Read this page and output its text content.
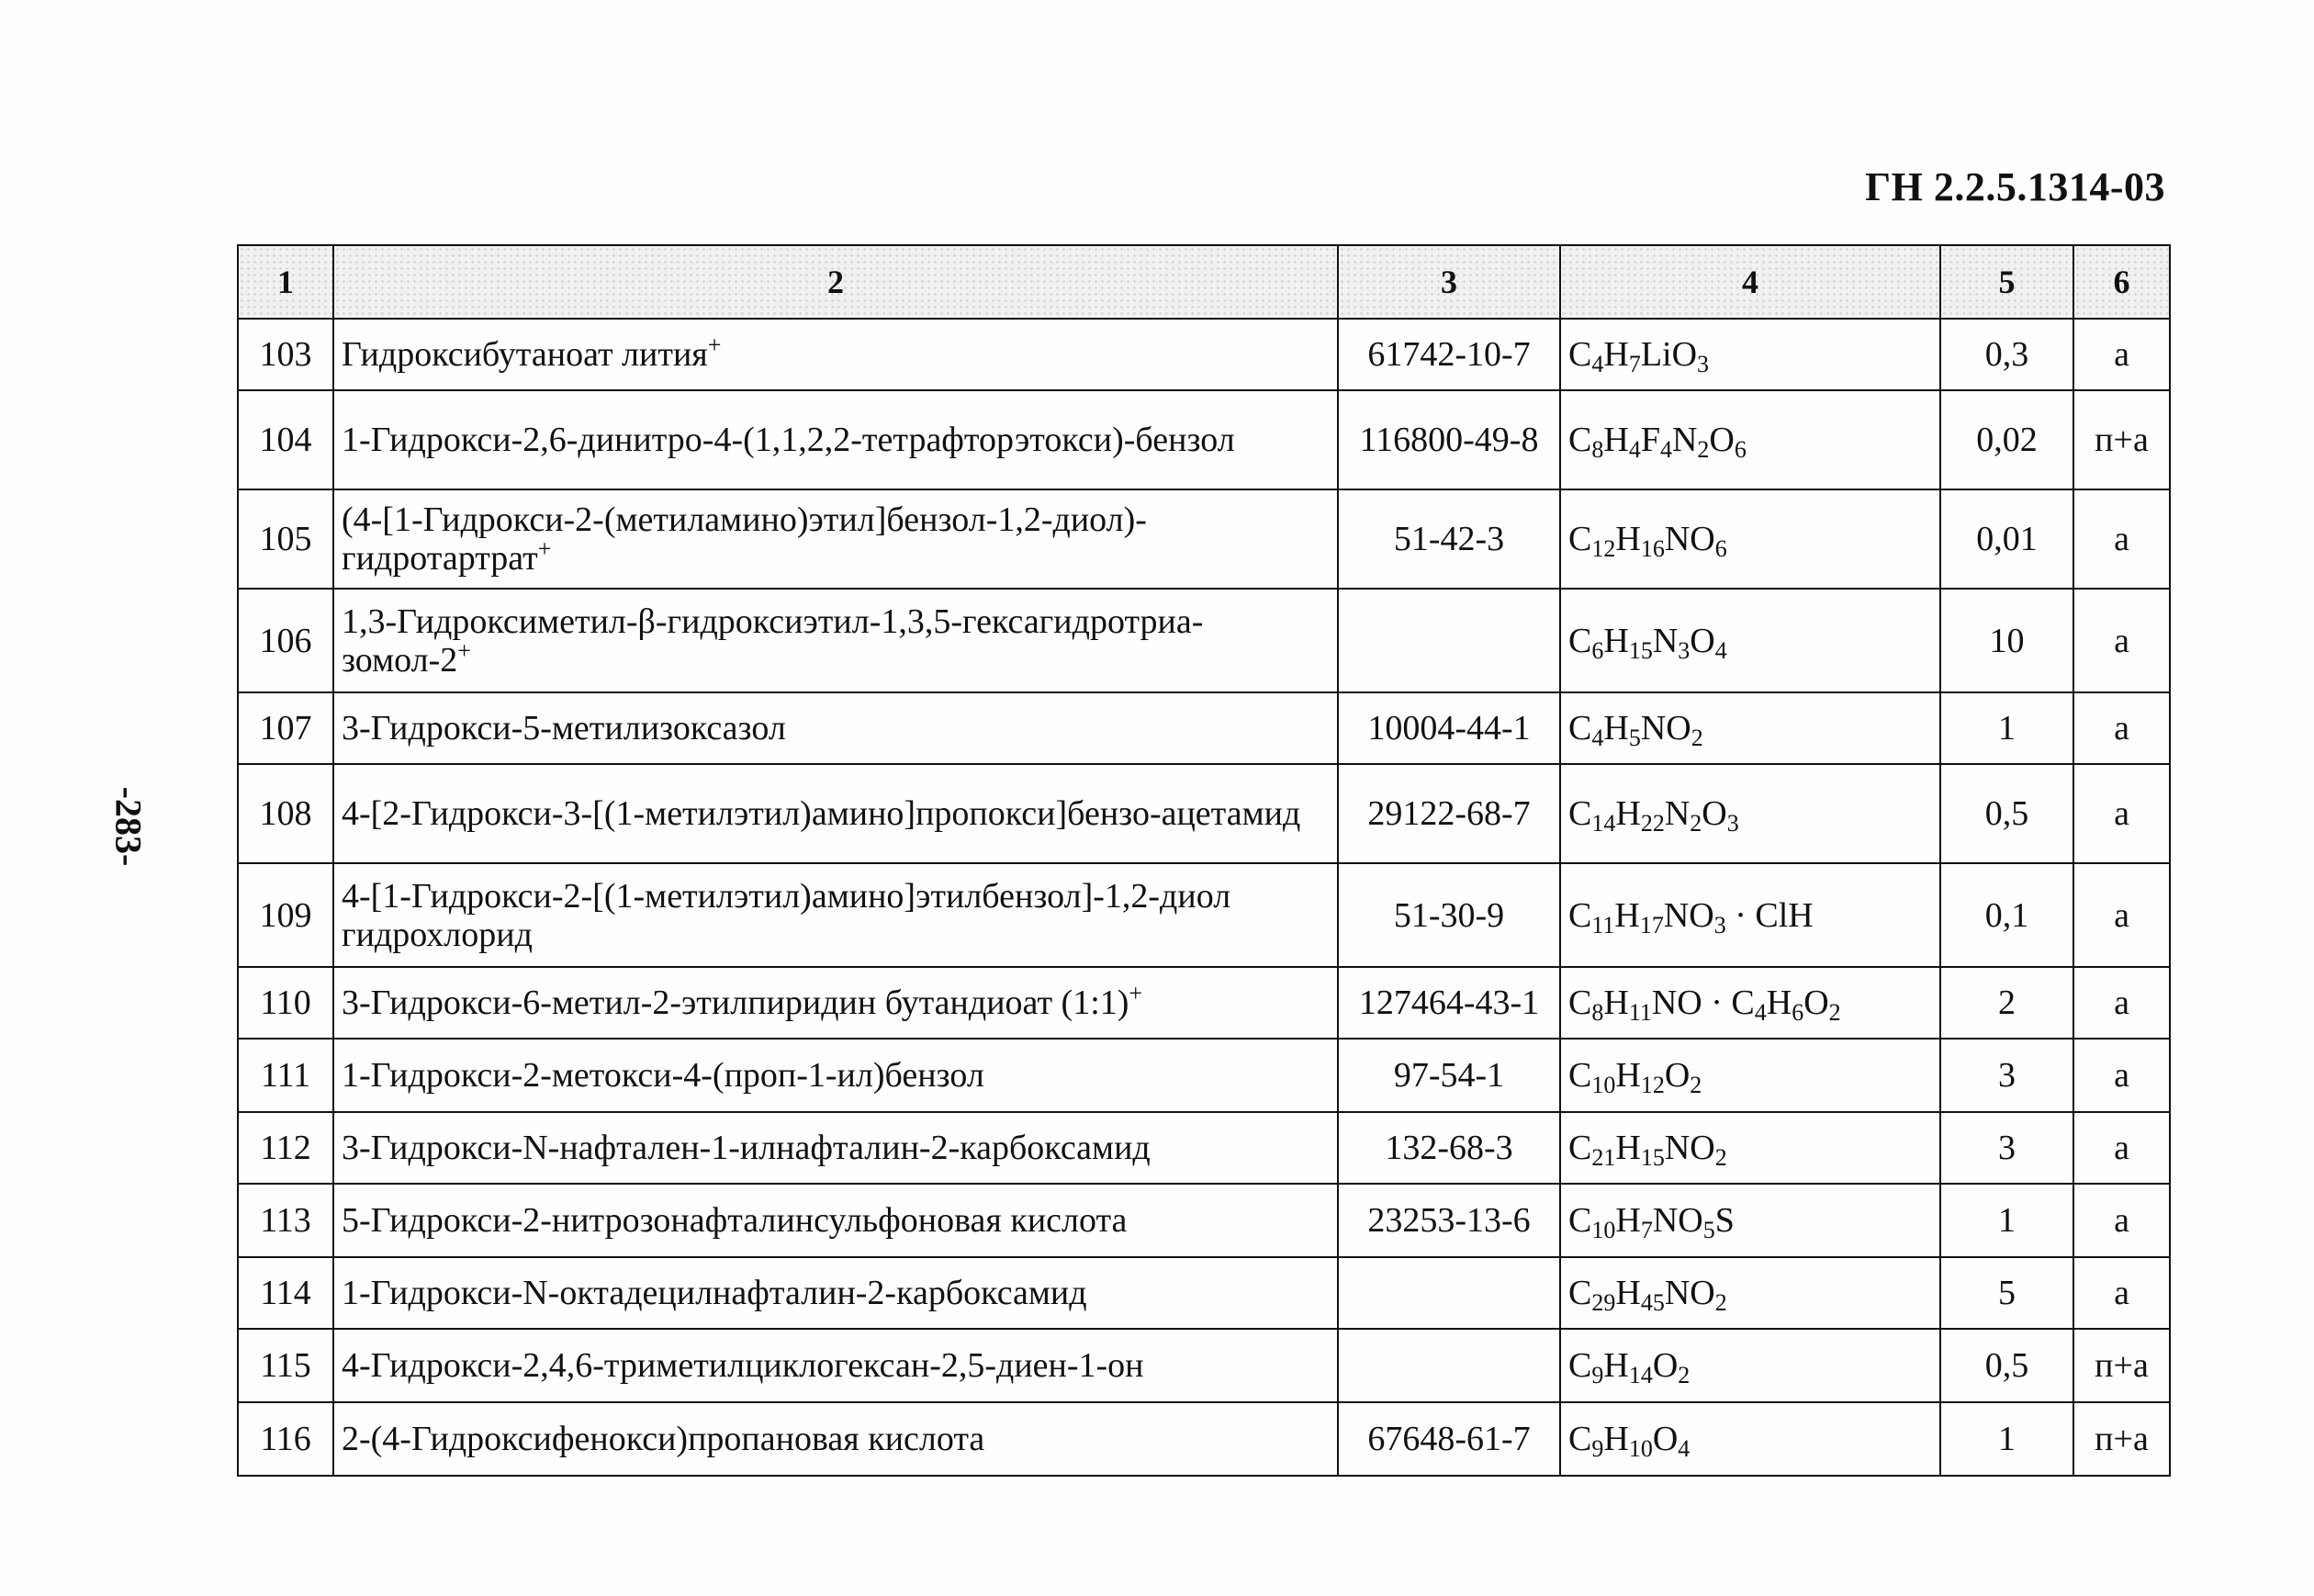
ГН 2.2.5.1314-03
-283-
1	2	3	4	5	6
103	Гидроксибутаноат лития+	61742-10-7	$C_4H_7LiO_3$	0,3	а
104	1-Гидрокси-2,6-динитро-4-(1,1,2,2-тетрафторэтокси)-бензол	116800-49-8	$C_8H_4F_4N_2O_6$	0,02	п+а
105	(4-[1-Гидрокси-2-(метиламино)этил]бензол-1,2-диол)-гидротартрат+	51-42-3	$C_{12}H_{16}NO_6$	0,01	а
106	1,3-Гидроксиметил-β-гидроксиэтил-1,3,5-гексагидротриа-зомол-2+		$C_6H_{15}N_3O_4$	10	а
107	3-Гидрокси-5-метилизоксазол	10004-44-1	$C_4H_5NO_2$	1	а
108	4-[2-Гидрокси-3-[(1-метилэтил)амино]пропокси]бензо-ацетамид	29122-68-7	$C_{14}H_{22}N_2O_3$	0,5	а
109	4-[1-Гидрокси-2-[(1-метилэтил)амино]этилбензол]-1,2-диол гидрохлорид	51-30-9	$C_{11}H_{17}NO_3$ · ClH	0,1	а
110	3-Гидрокси-6-метил-2-этилпиридин бутандиоат (1:1)+	127464-43-1	$C_8H_{11}NO \cdot C_4H_6O_2$	2	а
111	1-Гидрокси-2-метокси-4-(проп-1-ил)бензол	97-54-1	$C_{10}H_{12}O_2$	3	а
112	3-Гидрокси-N-нафтален-1-илнафталин-2-карбоксамид	132-68-3	$C_{21}H_{15}NO_2$	3	а
113	5-Гидрокси-2-нитрозонафталинсульфоновая кислота	23253-13-6	$C_{10}H_7NO_5S$	1	а
114	1-Гидрокси-N-октадецилнафталин-2-карбоксамид		$C_{29}H_{45}NO_2$	5	а
115	4-Гидрокси-2,4,6-триметилциклогексан-2,5-диен-1-он		$C_9H_{14}O_2$	0,5	п+а
116	2-(4-Гидроксифенокси)пропановая кислота	67648-61-7	$C_9H_{10}O_4$	1	п+а
